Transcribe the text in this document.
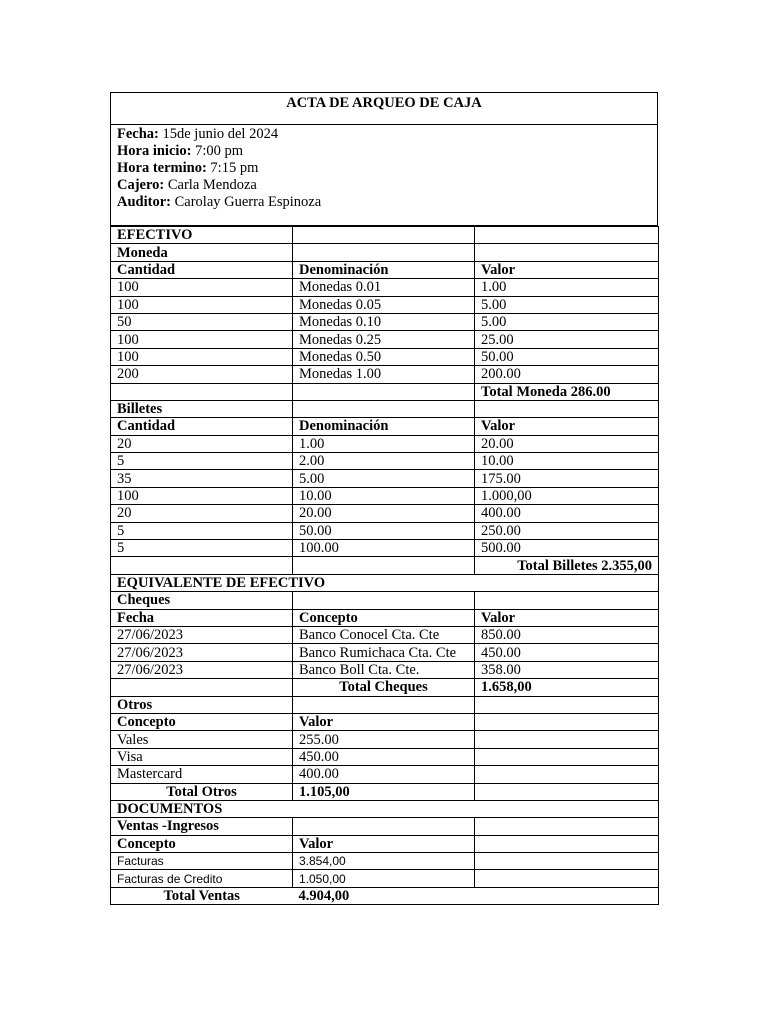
ACTA DE ARQUEO DE CAJA
Fecha: 15de junio del 2024
Hora inicio: 7:00 pm
Hora termino: 7:15 pm
Cajero: Carla Mendoza
Auditor: Carolay Guerra Espinoza
EFECTIVO		
Moneda		
Cantidad	Denominación	Valor
100	Monedas 0.01	1.00
100	Monedas 0.05	5.00
50	Monedas 0.10	5.00
100	Monedas 0.25	25.00
100	Monedas 0.50	50.00
200	Monedas 1.00	200.00
		Total Moneda 286.00
Billetes		
Cantidad	Denominación	Valor
20	1.00	20.00
5	2.00	10.00
35	5.00	175.00
100	10.00	1.000,00
20	20.00	400.00
5	50.00	250.00
5	100.00	500.00
		Total Billetes 2.355,00
EQUIVALENTE DE EFECTIVO		
Cheques		
Fecha	Concepto	Valor
27/06/2023	Banco Conocel Cta. Cte	850.00
27/06/2023	Banco Rumichaca Cta. Cte	450.00
27/06/2023	Banco Boll Cta. Cte.	358.00
	Total Cheques	1.658,00
Otros		
Concepto	Valor	
Vales	255.00	
Visa	450.00	
Mastercard	400.00	
Total Otros	1.105,00	
DOCUMENTOS		
Ventas -Ingresos		
Concepto	Valor	
Facturas	3.854,00	
Facturas de Credito	1.050,00	
Total Ventas	4.904,00	
